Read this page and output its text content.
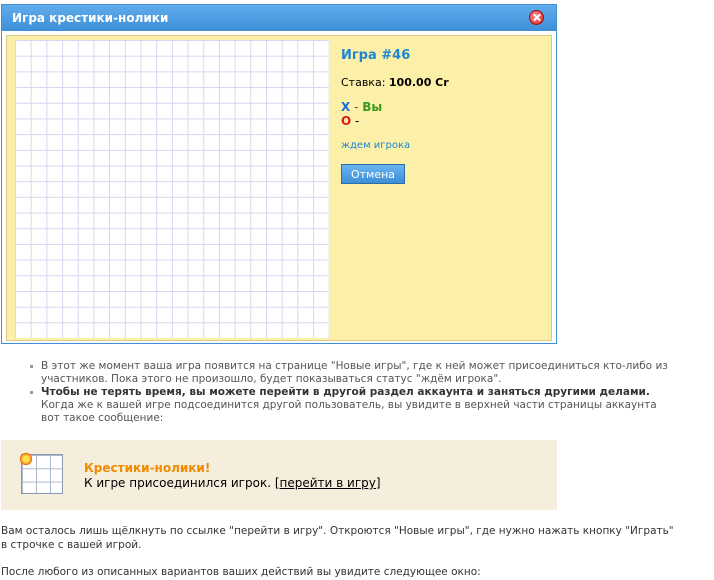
Игра крестики-нолики
Игра #46
Ставка: 100.00 Cr
X - Вы
O -
ждем игрока
Отмена
В этот же момент ваша игра появится на странице "Новые игры", где к ней может присоединиться кто-либо из
участников. Пока этого не произошло, будет показываться статус "ждём игрока".
Чтобы не терять время, вы можете перейти в другой раздел аккаунта и заняться другими делами.
Когда же к вашей игре подсоединится другой пользователь, вы увидите в верхней части страницы аккаунта
вот такое сообщение:
Крестики-нолики!
К игре присоединился игрок. [перейти в игру]
Вам осталось лишь щёлкнуть по ссылке "перейти в игру". Откроются "Новые игры", где нужно нажать кнопку "Играть"
в строчке с вашей игрой.
После любого из описанных вариантов ваших действий вы увидите следующее окно:
